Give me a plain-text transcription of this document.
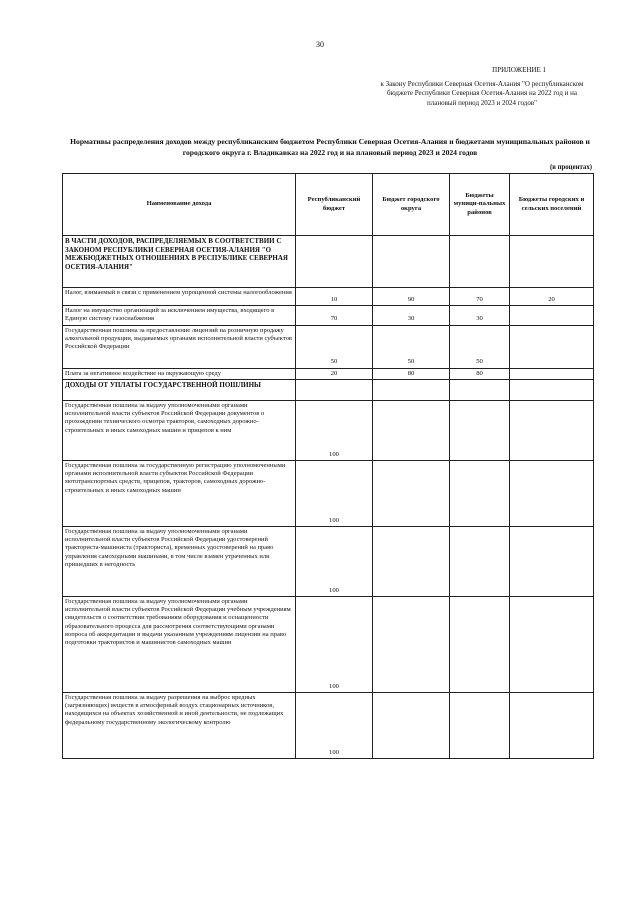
30
ПРИЛОЖЕНИЕ 1
к Закону Республики Северная Осетия-Алания "О республиканском бюджете Республики Северная Осетия-Алания на 2022 год и на плановый период 2023 и 2024 годов"
Нормативы распределения доходов между республиканским бюджетом Республики Северная Осетия-Алания и бюджетами муниципальных районов и городского округа г. Владикавказ на 2022 год и на плановый период 2023 и 2024 годов
(в процентах)
Наименование дохода	Республиканский бюджет	Бюджет городского округа	Бюджеты муници-пальных районов	Бюджеты городских и сельских поселений
В ЧАСТИ ДОХОДОВ, РАСПРЕДЕЛЯЕМЫХ В СООТВЕТСТВИИ С ЗАКОНОМ РЕСПУБЛИКИ СЕВЕРНАЯ ОСЕТИЯ-АЛАНИЯ "О МЕЖБЮДЖЕТНЫХ ОТНОШЕНИЯХ В РЕСПУБЛИКЕ СЕВЕРНАЯ ОСЕТИЯ-АЛАНИЯ"				
Налог, взимаемый в связи с применением упрощенной системы налогообложения	10	90	70	20
Налог на имущество организаций за исключением имущества, входящего в Единую систему газоснабжения	70	30	30	
Государственная пошлина за предоставление лицензий на розничную продажу алкогольной продукции, выдаваемых органами исполнительной власти субъектов Российской Федерации	50	50	50	
Плата за негативное воздействие на окружающую среду	20	80	80	
ДОХОДЫ ОТ УПЛАТЫ ГОСУДАРСТВЕННОЙ ПОШЛИНЫ				
Государственная пошлина за выдачу уполномоченными органами исполнительной власти субъектов Российской Федерации документов о прохождении технического осмотра тракторов, самоходных дорожно-строительных и иных самоходных машин и прицепов к ним	100			
Государственная пошлина за государственную регистрацию уполномоченными органами исполнительной власти субъектов Российской Федерации мототранспортных средств, прицепов, тракторов, самоходных дорожно-строительных и иных самоходных машин	100			
Государственная пошлина за выдачу уполномоченными органами исполнительной власти субъектов Российской Федерации удостоверений тракториста-машиниста (тракториста), временных удостоверений на право управления самоходными машинами, в том числе взамен утраченных или пришедших в негодность	100			
Государственная пошлина за выдачу уполномоченными органами исполнительной власти субъектов Российской Федерации учебным учреждениям свидетельств о соответствии требованиям оборудования и оснащенности образовательного процесса для рассмотрения соответствующими органами вопроса об аккредитации и выдачи указанным учреждениям лицензии на право подготовки трактористов и машинистов самоходных машин	100			
Государственная пошлина за выдачу разрешения на выброс вредных (загрязняющих) веществ в атмосферный воздух стационарных источников, находящихся на объектах хозяйственной и иной деятельности, не подлежащих федеральному государственному экологическому контролю	100			
